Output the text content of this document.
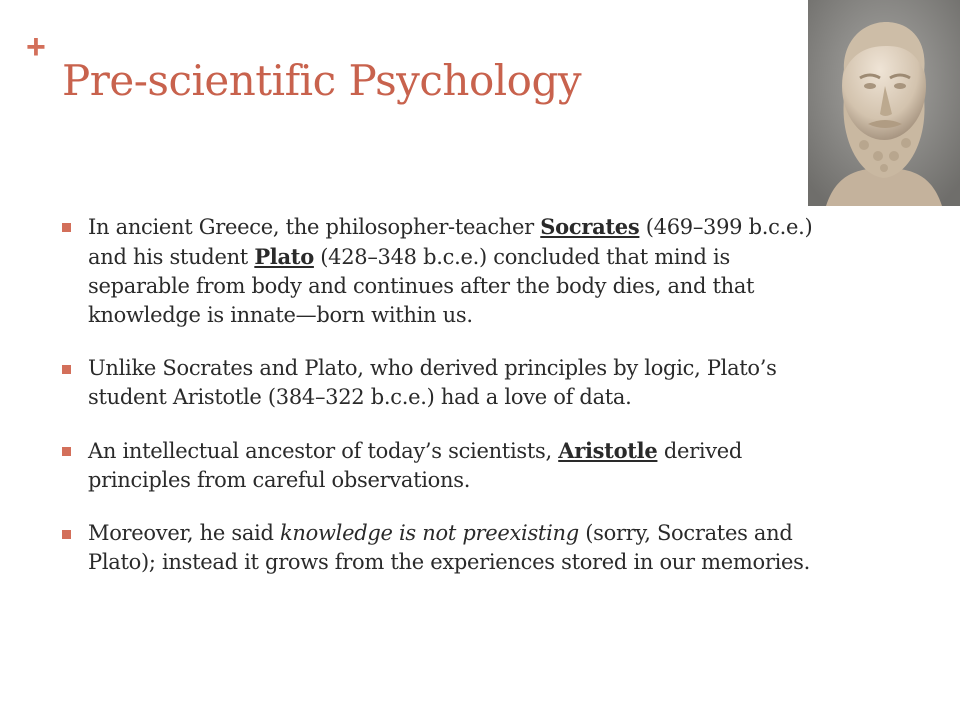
+
Pre-scientific Psychology
In ancient Greece, the philosopher-teacher Socrates (469–399 b.c.e.) and his student Plato (428–348 b.c.e.) concluded that mind is separable from body and continues after the body dies, and that knowledge is innate—born within us.
Unlike Socrates and Plato, who derived principles by logic, Plato’s student Aristotle (384–322 b.c.e.) had a love of data.
An intellectual ancestor of today’s scientists, Aristotle derived principles from careful observations.
Moreover, he said knowledge is not preexisting (sorry, Socrates and Plato); instead it grows from the experiences stored in our memories.
